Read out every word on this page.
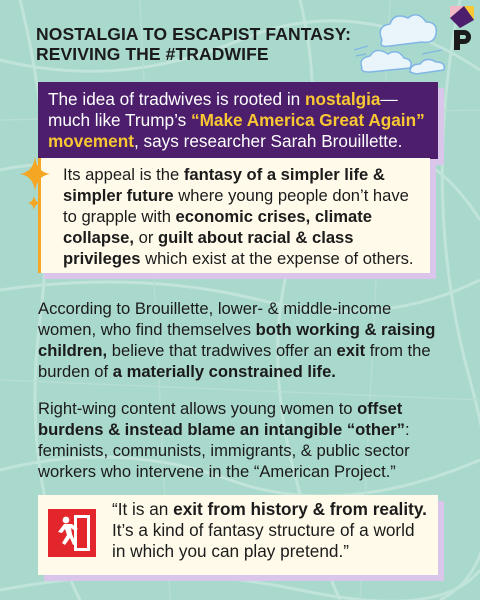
NOSTALGIA TO ESCAPIST FANTASY:
REVIVING THE #TRADWIFE
The idea of tradwives is rooted in nostalgia— much like Trump’s “Make America Great Again” movement, says researcher Sarah Brouillette.
Its appeal is the fantasy of a simpler life & simpler future where young people don’t have to grapple with economic crises, climate collapse, or guilt about racial & class privileges which exist at the expense of others.
According to Brouillette, lower- & middle-income women, who find themselves both working & raising children, believe that tradwives offer an exit from the burden of a materially constrained life.
Right-wing content allows young women to offset burdens & instead blame an intangible “other”: feminists, communists, immigrants, & public sector workers who intervene in the “American Project.”
“It is an exit from history & from reality. It’s a kind of fantasy structure of a world in which you can play pretend.”
